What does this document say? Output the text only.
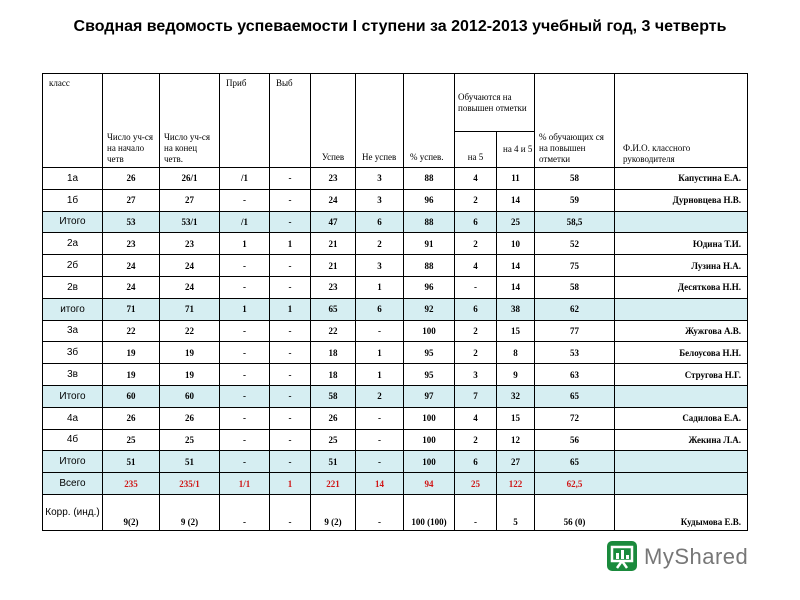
Сводная ведомость успеваемости I ступени за 2012-2013 учебный год, 3 четверть
класс	Число уч-ся на начало четв	Число уч-ся на конец четв.	Приб	Выб	Успев	Не успев	% успев.	Обучаются на повышен отметки		% обучающих ся на повышен отметки	Ф.И.О. классного руководителя
								на 5	на 4 и 5		
1а	26	26/1	/1	-	23	3	88	4	11	58	Капустина Е.А.
1б	27	27	-	-	24	3	96	2	14	59	Дурновцева Н.В.
Итого	53	53/1	/1	-	47	6	88	6	25	58,5	
2а	23	23	1	1	21	2	91	2	10	52	Юдина Т.И.
2б	24	24	-	-	21	3	88	4	14	75	Лузина Н.А.
2в	24	24	-	-	23	1	96	-	14	58	Десяткова Н.Н.
итого	71	71	1	1	65	6	92	6	38	62	
3а	22	22	-	-	22	-	100	2	15	77	Жужгова А.В.
3б	19	19	-	-	18	1	95	2	8	53	Белоусова Н.Н.
3в	19	19	-	-	18	1	95	3	9	63	Стругова Н.Г.
Итого	60	60	-	-	58	2	97	7	32	65	
4а	26	26	-	-	26	-	100	4	15	72	Садилова Е.А.
4б	25	25	-	-	25	-	100	2	12	56	Жекина Л.А.
Итого	51	51	-	-	51	-	100	6	27	65	
Всего	235	235/1	1/1	1	221	14	94	25	122	62,5	
Корр. (инд.)	9(2)	9 (2)	-	-	9 (2)	-	100 (100)	-	5	56 (0)	Кудымова Е.В.
MyShared
